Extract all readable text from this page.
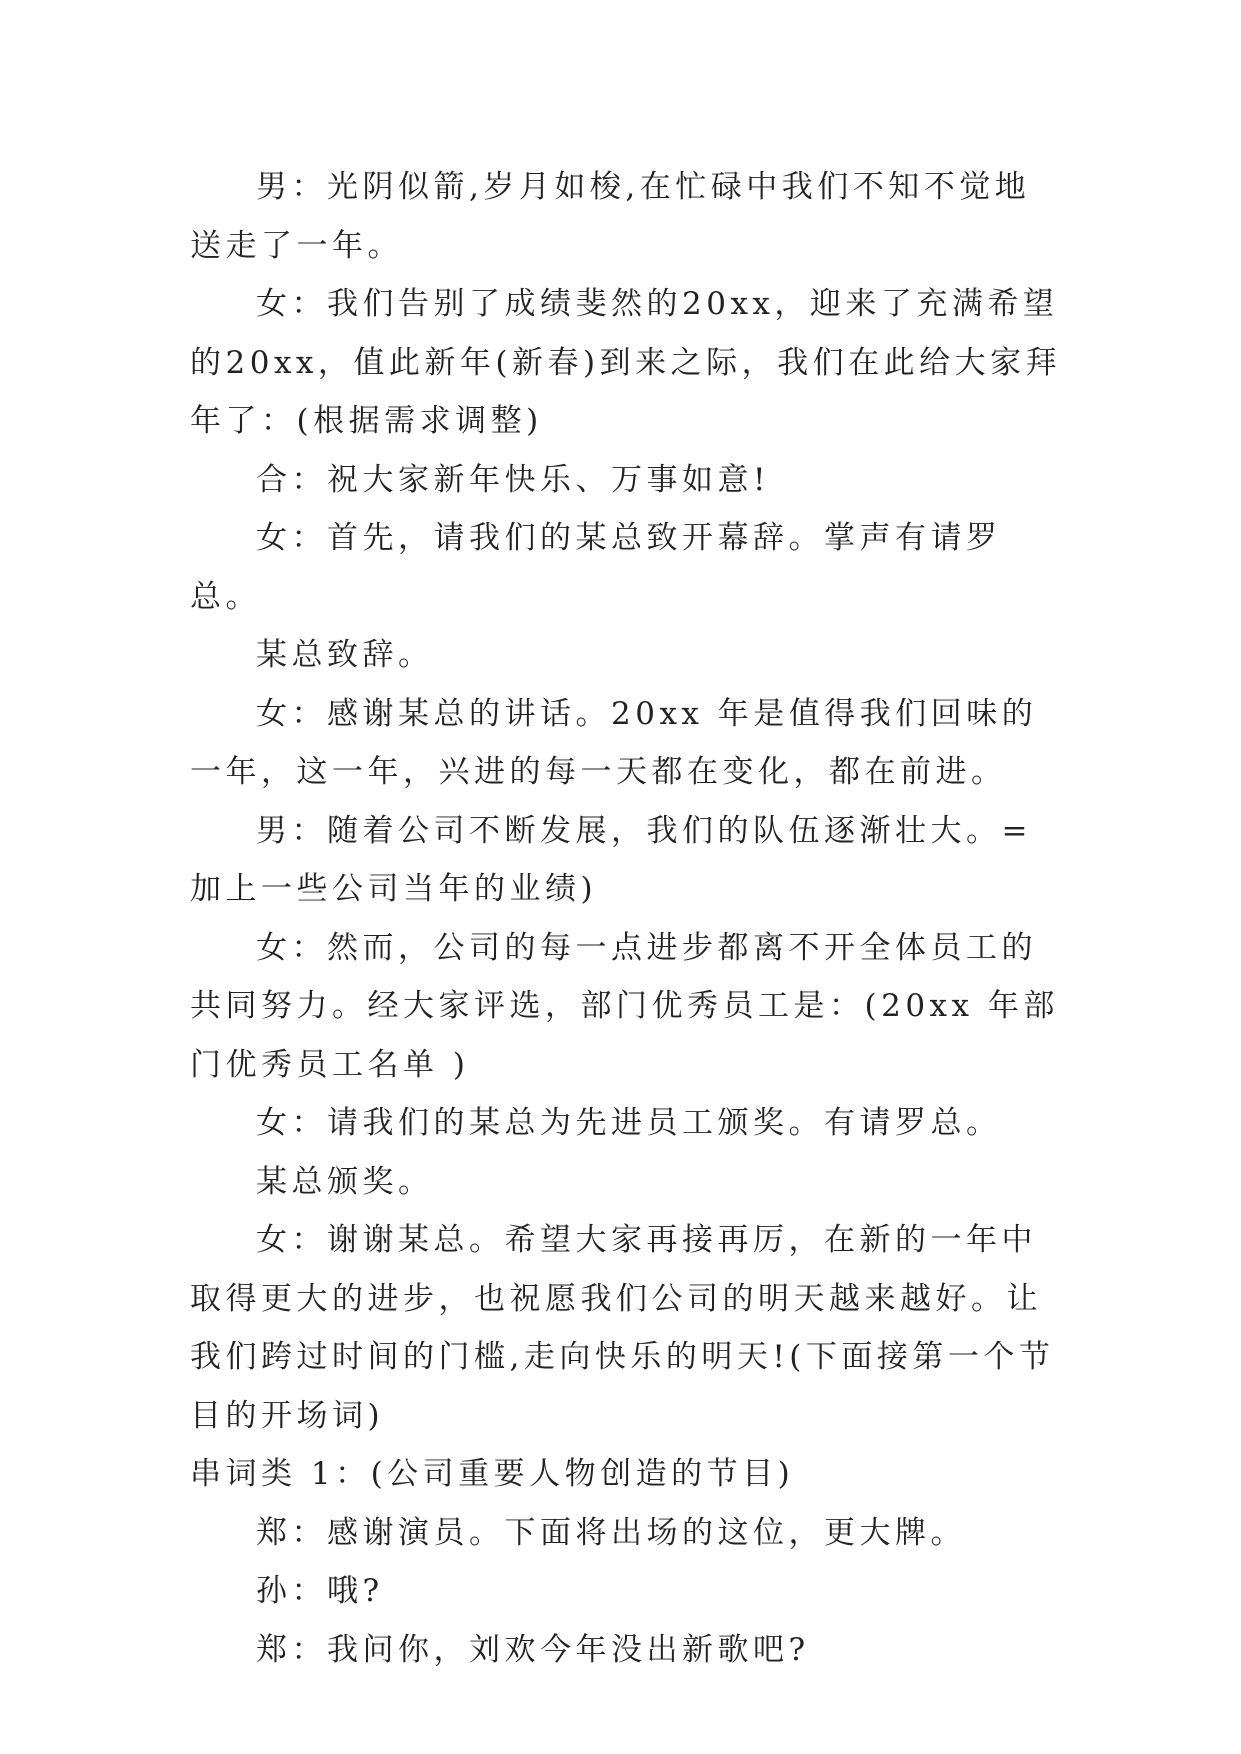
男：光阴似箭,岁月如梭,在忙碌中我们不知不觉地送走了一年。

女：我们告别了成绩斐然的20xx，迎来了充满希望的20xx，值此新年(新春)到来之际，我们在此给大家拜年了：(根据需求调整)

合：祝大家新年快乐、万事如意!

女：首先，请我们的某总致开幕辞。掌声有请罗总。

某总致辞。

女：感谢某总的讲话。20xx 年是值得我们回味的一年，这一年，兴进的每一天都在变化，都在前进。

男：随着公司不断发展，我们的队伍逐渐壮大。=加上一些公司当年的业绩)

女：然而，公司的每一点进步都离不开全体员工的共同努力。经大家评选，部门优秀员工是：(20xx 年部门优秀员工名单 )

女：请我们的某总为先进员工颁奖。有请罗总。

某总颁奖。

女：谢谢某总。希望大家再接再厉，在新的一年中取得更大的进步，也祝愿我们公司的明天越来越好。让我们跨过时间的门槛,走向快乐的明天!(下面接第一个节目的开场词)

串词类 1：(公司重要人物创造的节目)

郑：感谢演员。下面将出场的这位，更大牌。

孙：哦?

郑：我问你，刘欢今年没出新歌吧?
